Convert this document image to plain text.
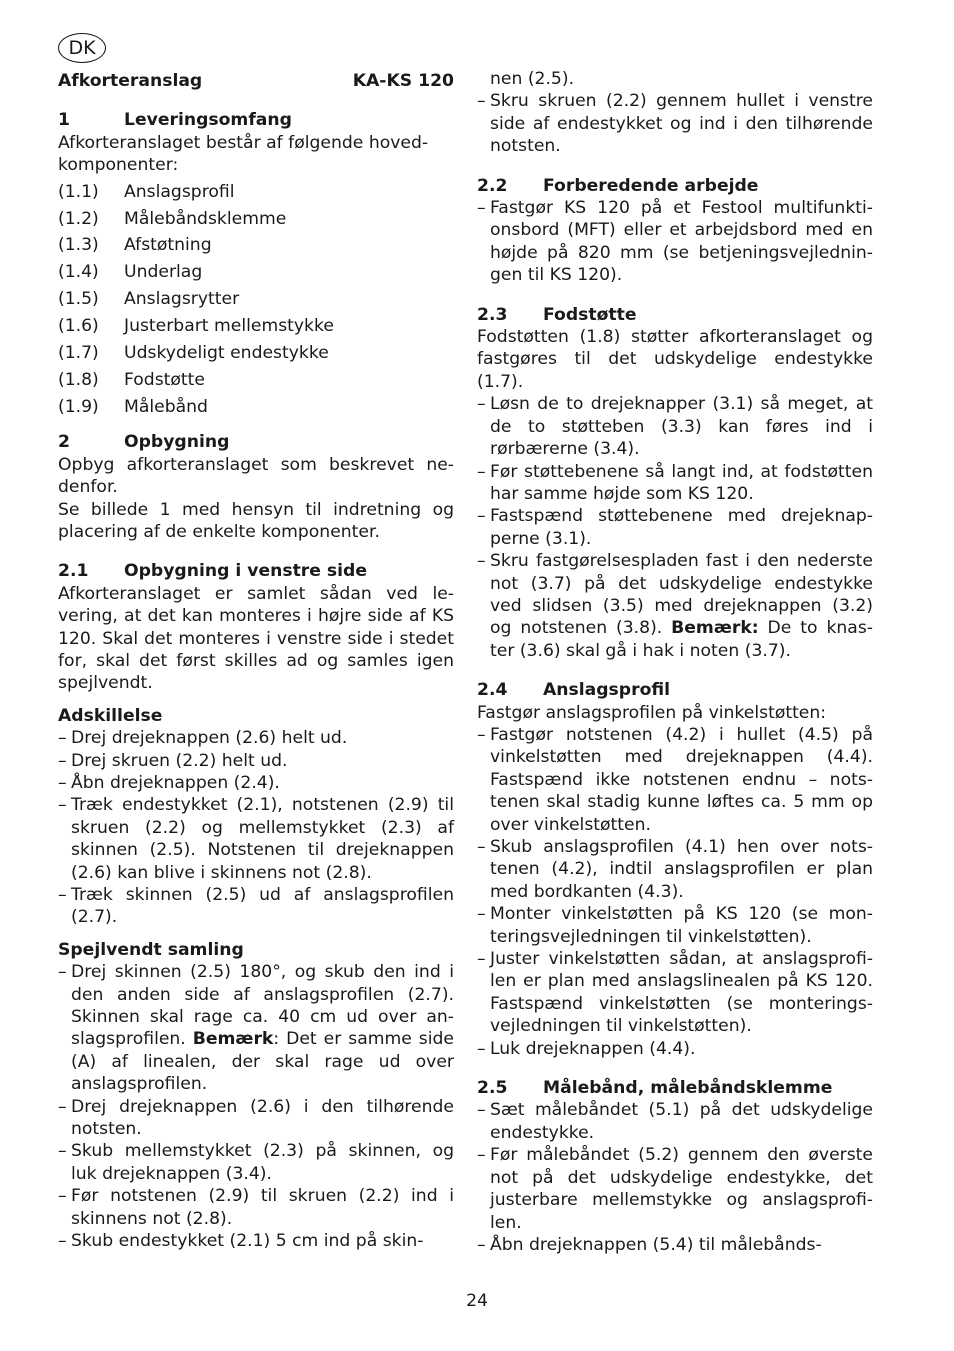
DK
Afkorteranslag	KA-KS 120
1	Leveringsomfang

Afkorteranslaget består af følgende hoved-komponenter:

(1.1)	Anslagsprofil
(1.2)	Målebåndsklemme
(1.3)	Afstøtning
(1.4)	Underlag
(1.5)	Anslagsrytter
(1.6)	Justerbart mellemstykke
(1.7)	Udskydeligt endestykke
(1.8)	Fodstøtte
(1.9)	Målebånd
2	Opbygning

Opbyg afkorteranslaget som beskrevet ne-denfor.

Se billede 1 med hensyn til indretning og placering af de enkelte komponenter.

2.1	Opbygning i venstre side

Afkorteranslaget er samlet sådan ved le-vering, at det kan monteres i højre side af KS 120. Skal det monteres i venstre side i stedet for, skal det først skilles ad og samles igen spejlvendt.

Adskillelse
– Drej drejeknappen (2.6) helt ud.
– Drej skruen (2.2) helt ud.
– Åbn drejeknappen (2.4).
– Træk endestykket (2.1), notstenen (2.9) til skruen (2.2) og mellemstykket (2.3) af skinnen (2.5). Notstenen til drejeknappen (2.6) kan blive i skinnens not (2.8).
– Træk skinnen (2.5) ud af anslagsprofilen (2.7).
Spejlvendt samling
– Drej skinnen (2.5) 180°, og skub den ind i den anden side af anslagsprofilen (2.7). Skinnen skal rage ca. 40 cm ud over an-slagsprofilen. Bemærk: Det er samme side (A) af linealen, der skal rage ud over anslagsprofilen.
– Drej drejeknappen (2.6) i den tilhørende notsten.
– Skub mellemstykket (2.3) på skinnen, og luk drejeknappen (3.4).
– Før notstenen (2.9) til skruen (2.2) ind i skinnens not (2.8).
– Skub endestykket (2.1) 5 cm ind på skin-
nen (2.5).
– Skru skruen (2.2) gennem hullet i venstre side af endestykket og ind i den tilhørende notsten.
2.2	Forberedende arbejde
– Fastgør KS 120 på et Festool multifunkti-onsbord (MFT) eller et arbejdsbord med en højde på 820 mm (se betjeningsvejlednin-gen til KS 120).
2.3	Fodstøtte

Fodstøtten (1.8) støtter afkorteranslaget og fastgøres til det udskydelige endestykke (1.7).

– Løsn de to drejeknapper (3.1) så meget, at de to støtteben (3.3) kan føres ind i rørbærerne (3.4).
– Før støttebenene så langt ind, at fodstøtten har samme højde som KS 120.
– Fastspænd støttebenene med drejeknap-perne (3.1).
– Skru fastgørelsespladen fast i den nederste not (3.7) på det udskydelige endestykke ved slidsen (3.5) med drejeknappen (3.2) og notstenen (3.8). Bemærk: De to knas-ter (3.6) skal gå i hak i noten (3.7).
2.4	Anslagsprofil

Fastgør anslagsprofilen på vinkelstøtten:

– Fastgør notstenen (4.2) i hullet (4.5) på vinkelstøtten med drejeknappen (4.4). Fastspænd ikke notstenen endnu – nots-tenen skal stadig kunne løftes ca. 5 mm op over vinkelstøtten.
– Skub anslagsprofilen (4.1) hen over nots-tenen (4.2), indtil anslagsprofilen er plan med bordkanten (4.3).
– Monter vinkelstøtten på KS 120 (se mon-teringsvejledningen til vinkelstøtten).
– Juster vinkelstøtten sådan, at anslagsprofi-len er plan med anslagslinealen på KS 120. Fastspænd vinkelstøtten (se monterings-vejledningen til vinkelstøtten).
– Luk drejeknappen (4.4).
2.5	Målebånd, målebåndsklemme
– Sæt målebåndet (5.1) på det udskydelige endestykke.
– Før målebåndet (5.2) gennem den øverste not på det udskydelige endestykke, det justerbare mellemstykke og anslagsprofi-len.
– Åbn drejeknappen (5.4) til målebånds-
24
